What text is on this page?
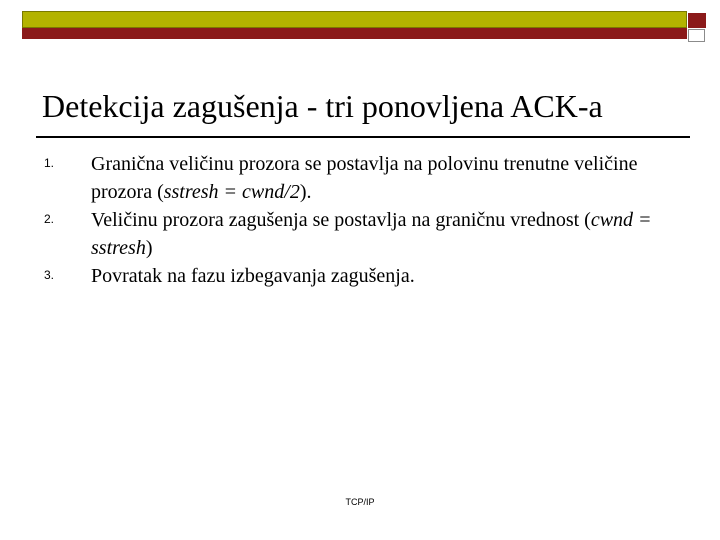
Detekcija zagušenja - tri ponovljena ACK-a
1. Granična veličinu prozora se postavlja na polovinu trenutne veličine prozora (sstresh = cwnd/2).
2. Veličinu prozora zagušenja se postavlja na graničnu vrednost (cwnd = sstresh)
3. Povratak na fazu izbegavanja zagušenja.
TCP/IP
